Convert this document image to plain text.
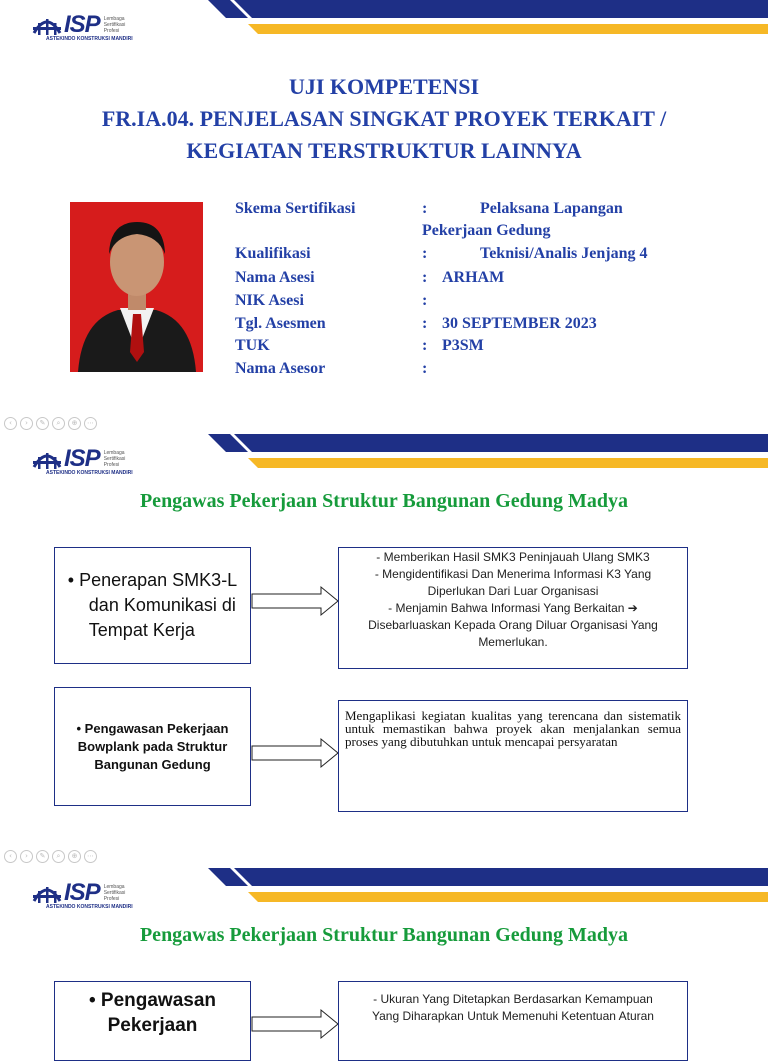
ISP Lembaga
Sertifikasi
Profesi
ASTEKINDO KONSTRUKSI MANDIRI
UJI KOMPETENSI
FR.IA.04. PENJELASAN SINGKAT PROYEK TERKAIT /
KEGIATAN TERSTRUKTUR LAINNYA
Skema Sertifikasi	:	Pelaksana Lapangan
Pekerjaan Gedung
Kualifikasi	:	Teknisi/Analis Jenjang 4
Nama Asesi	: ARHAM
NIK Asesi	:
Tgl. Asesmen	: 30 SEPTEMBER 2023
TUK	: P3SM
Nama Asesor	:
‹	›	✎	⌕	⊕	⋯
ISP Lembaga
Sertifikasi
Profesi
ASTEKINDO KONSTRUKSI MANDIRI
Pengawas Pekerjaan Struktur Bangunan Gedung Madya
• Penerapan SMK3-L
dan Komunikasi di
Tempat Kerja
- Memberikan Hasil SMK3 Peninjauah Ulang SMK3
- Mengidentifikasi Dan Menerima Informasi K3 Yang
Diperlukan Dari Luar Organisasi
- Menjamin Bahwa Informasi Yang Berkaitan ➔
Disebarluaskan Kepada Orang Diluar Organisasi Yang
Memerlukan.
• Pengawasan Pekerjaan
Bowplank pada Struktur
Bangunan Gedung
Mengaplikasi kegiatan kualitas yang terencana dan sistematik untuk memastikan bahwa proyek akan menjalankan semua proses yang dibutuhkan untuk mencapai persyaratan
‹	›	✎	⌕	⊕	⋯
ISP Lembaga
Sertifikasi
Profesi
ASTEKINDO KONSTRUKSI MANDIRI
Pengawas Pekerjaan Struktur Bangunan Gedung Madya
• Pengawasan
Pekerjaan
- Ukuran Yang Ditetapkan Berdasarkan Kemampuan
Yang Diharapkan Untuk Memenuhi Ketentuan Aturan
